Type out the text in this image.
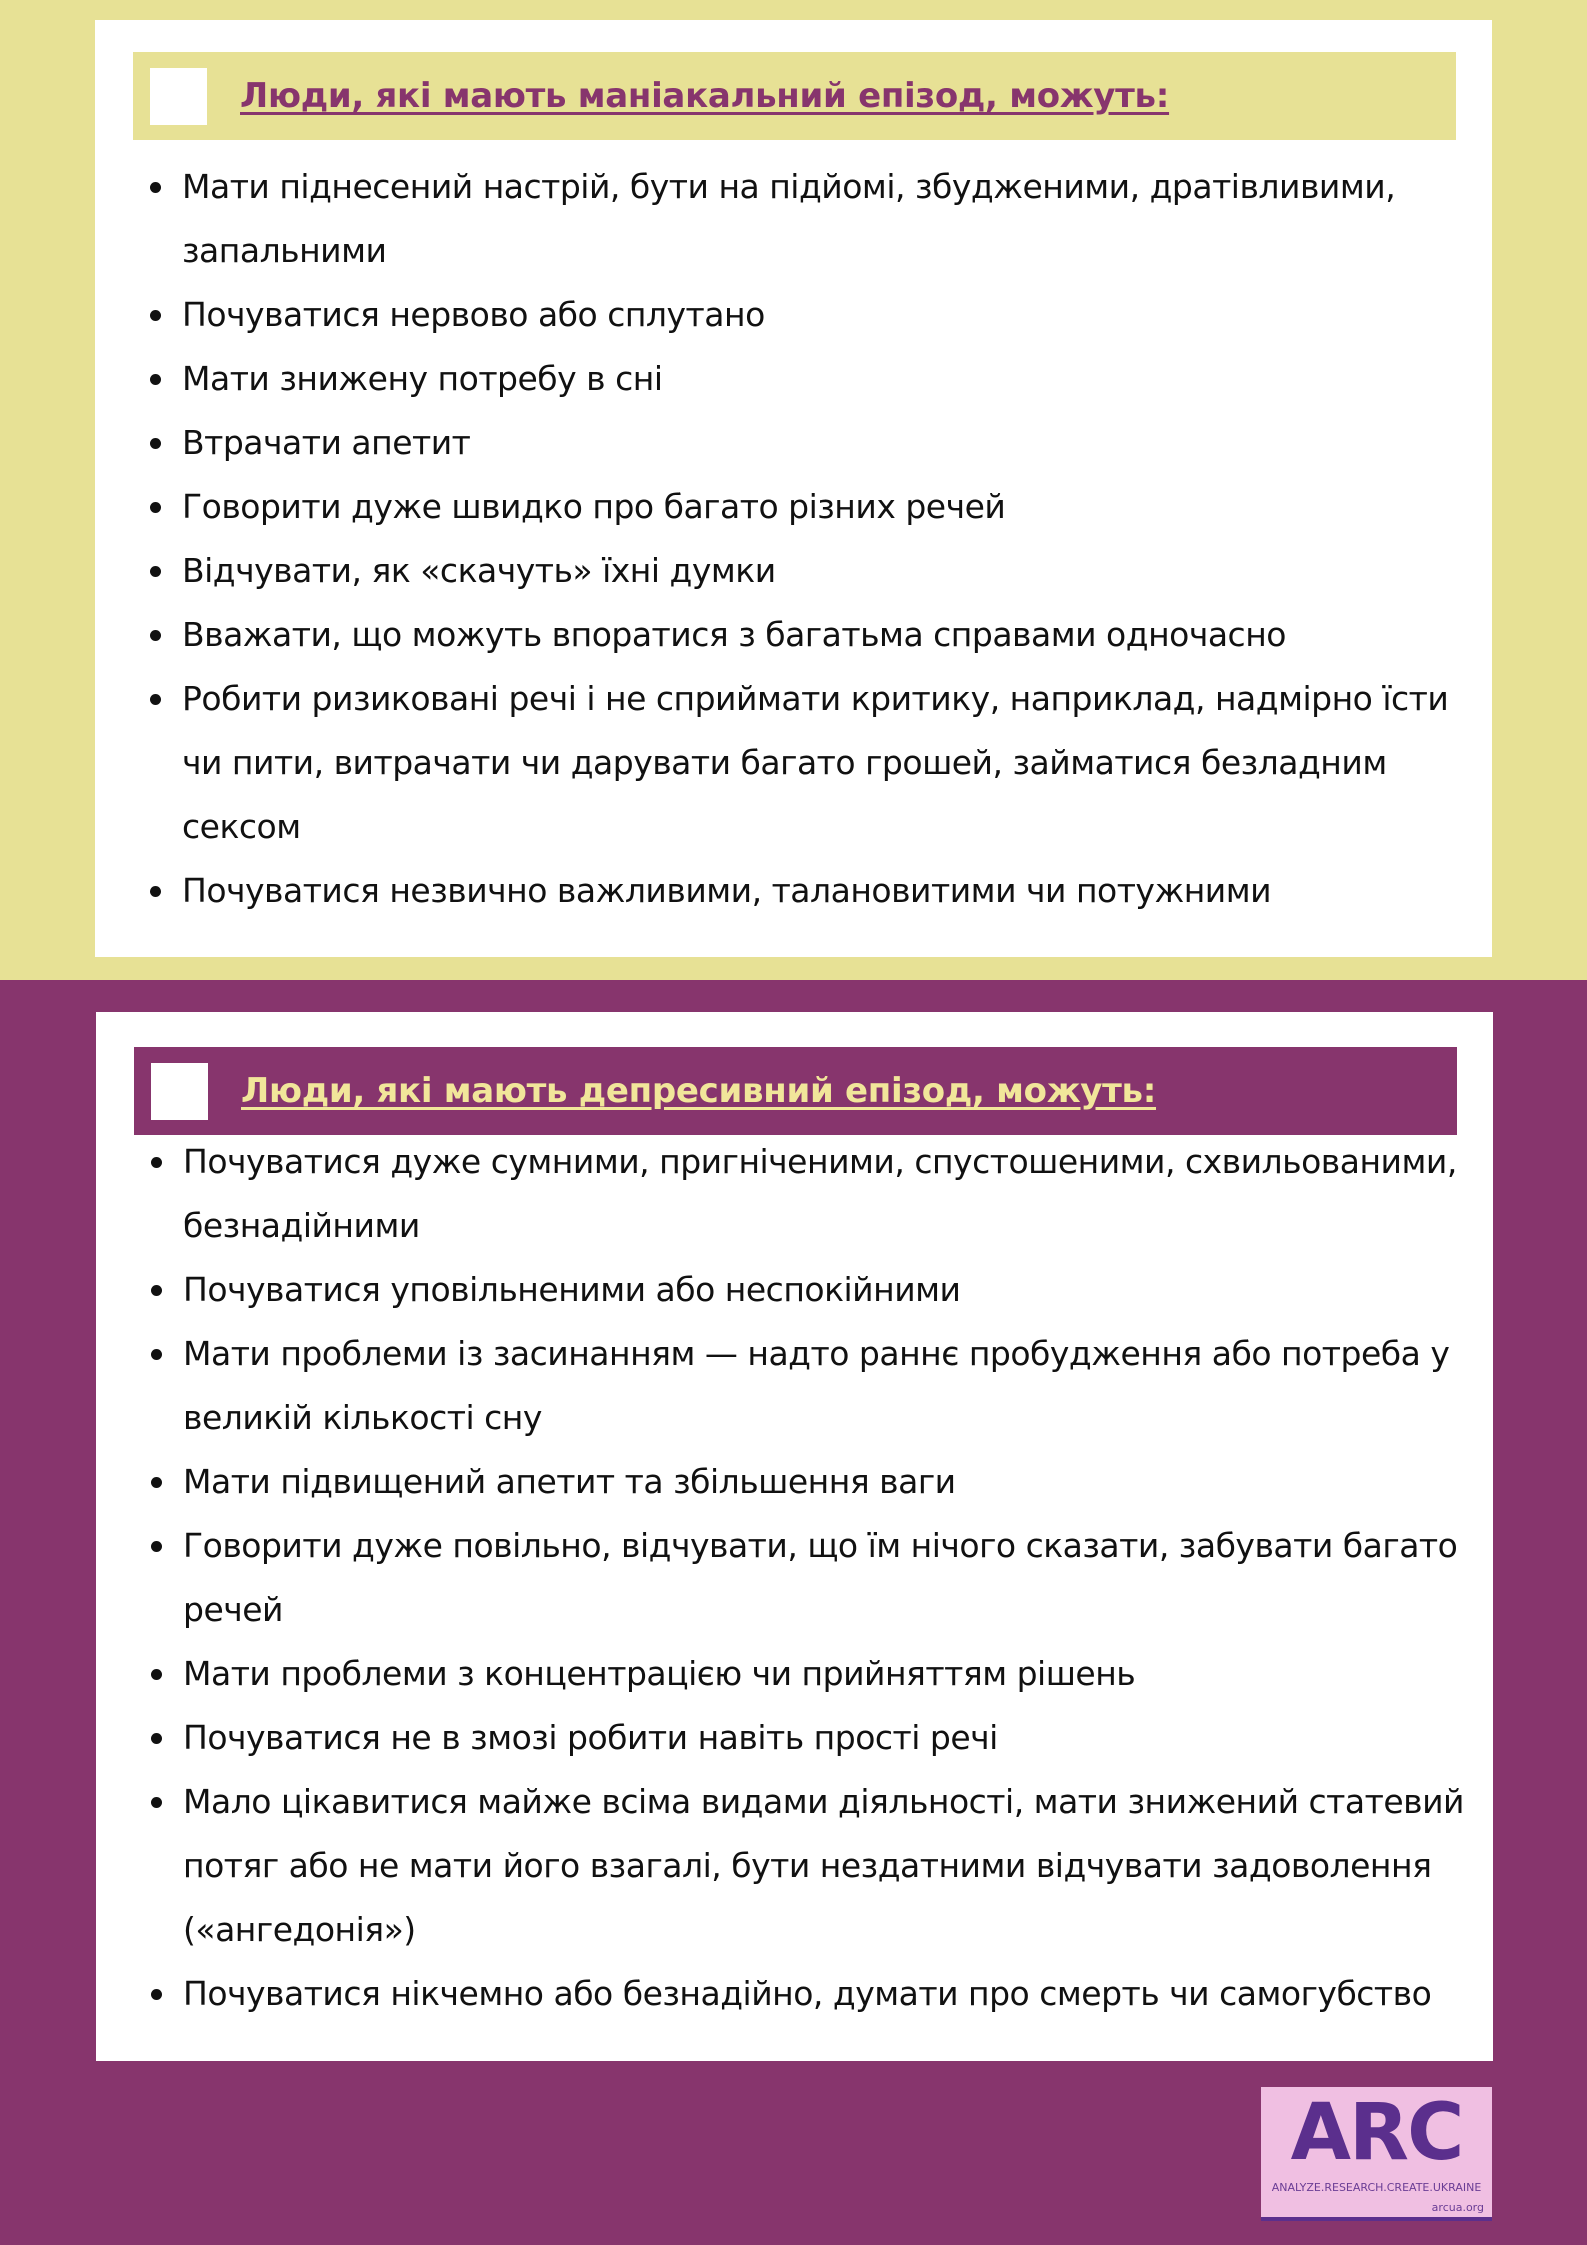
Люди, які мають маніакальний епізод, можуть:
Мати піднесений настрій, бути на підйомі, збудженими, дратівливими, запальними
Почуватися нервово або сплутано
Мати знижену потребу в сні
Втрачати апетит
Говорити дуже швидко про багато різних речей
Відчувати, як «скачуть» їхні думки
Вважати, що можуть впоратися з багатьма справами одночасно
Робити ризиковані речі і не сприймати критику, наприклад, надмірно їсти чи пити, витрачати чи дарувати багато грошей, займатися безладним сексом
Почуватися незвично важливими, талановитими чи потужними
Люди, які мають депресивний епізод, можуть:
Почуватися дуже сумними, пригніченими, спустошеними, схвильованими, безнадійними
Почуватися уповільненими або неспокійними
Мати проблеми із засинанням — надто раннє пробудження або потреба у великій кількості сну
Мати підвищений апетит та збільшення ваги
Говорити дуже повільно, відчувати, що їм нічого сказати, забувати багато речей
Мати проблеми з концентрацією чи прийняттям рішень
Почуватися не в змозі робити навіть прості речі
Мало цікавитися майже всіма видами діяльності, мати знижений статевий потяг або не мати його взагалі, бути нездатними відчувати задоволення («ангедонія»)
Почуватися нікчемно або безнадійно, думати про смерть чи самогубство
ARC
ANALYZE.RESEARCH.CREATE.UKRAINE
arcua.org
